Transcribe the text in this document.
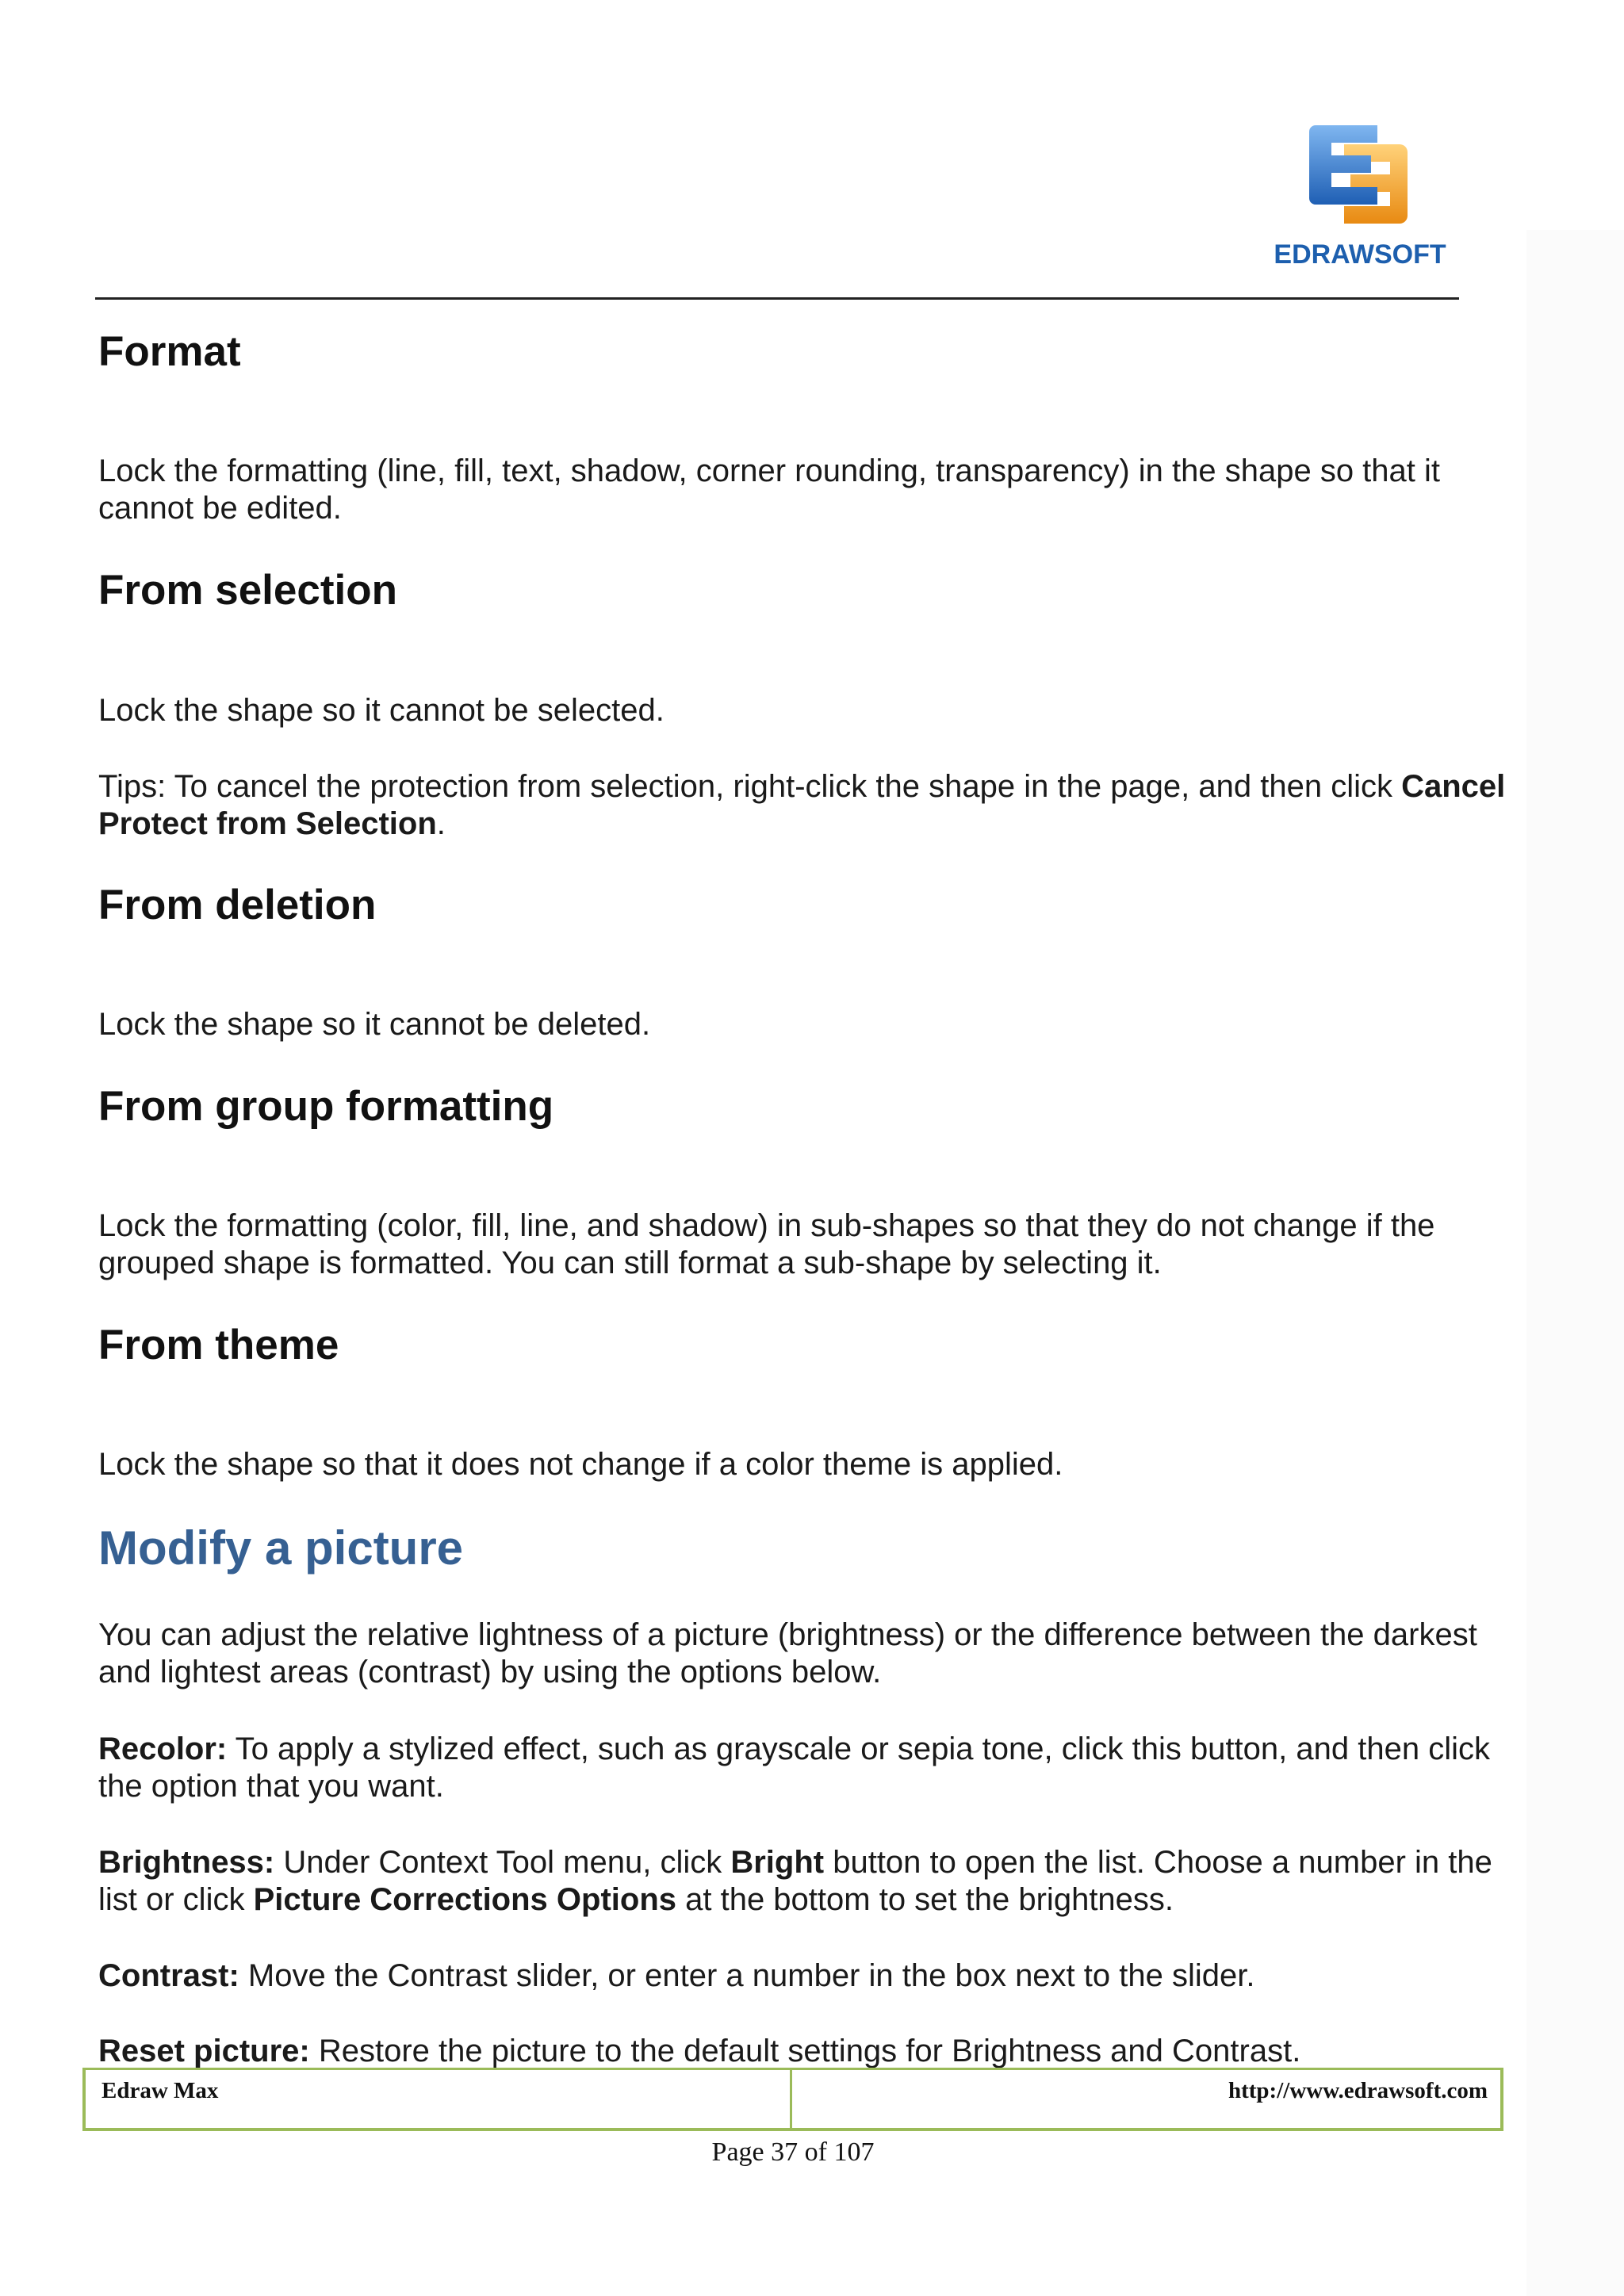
EDRAWSOFT
Format
Lock the formatting (line, fill, text, shadow, corner rounding, transparency) in the shape so that it cannot be edited.
From selection
Lock the shape so it cannot be selected.
Tips: To cancel the protection from selection, right-click the shape in the page, and then click Cancel Protect from Selection.
From deletion
Lock the shape so it cannot be deleted.
From group formatting
Lock the formatting (color, fill, line, and shadow) in sub-shapes so that they do not change if the grouped shape is formatted. You can still format a sub-shape by selecting it.
From theme
Lock the shape so that it does not change if a color theme is applied.
Modify a picture
You can adjust the relative lightness of a picture (brightness) or the difference between the darkest and lightest areas (contrast) by using the options below.
Recolor: To apply a stylized effect, such as grayscale or sepia tone, click this button, and then click the option that you want.
Brightness: Under Context Tool menu, click Bright button to open the list. Choose a number in the list or click Picture Corrections Options at the bottom to set the brightness.
Contrast: Move the Contrast slider, or enter a number in the box next to the slider.
Reset picture: Restore the picture to the default settings for Brightness and Contrast.
Edraw Max	http://www.edrawsoft.com
Page 37 of 107
